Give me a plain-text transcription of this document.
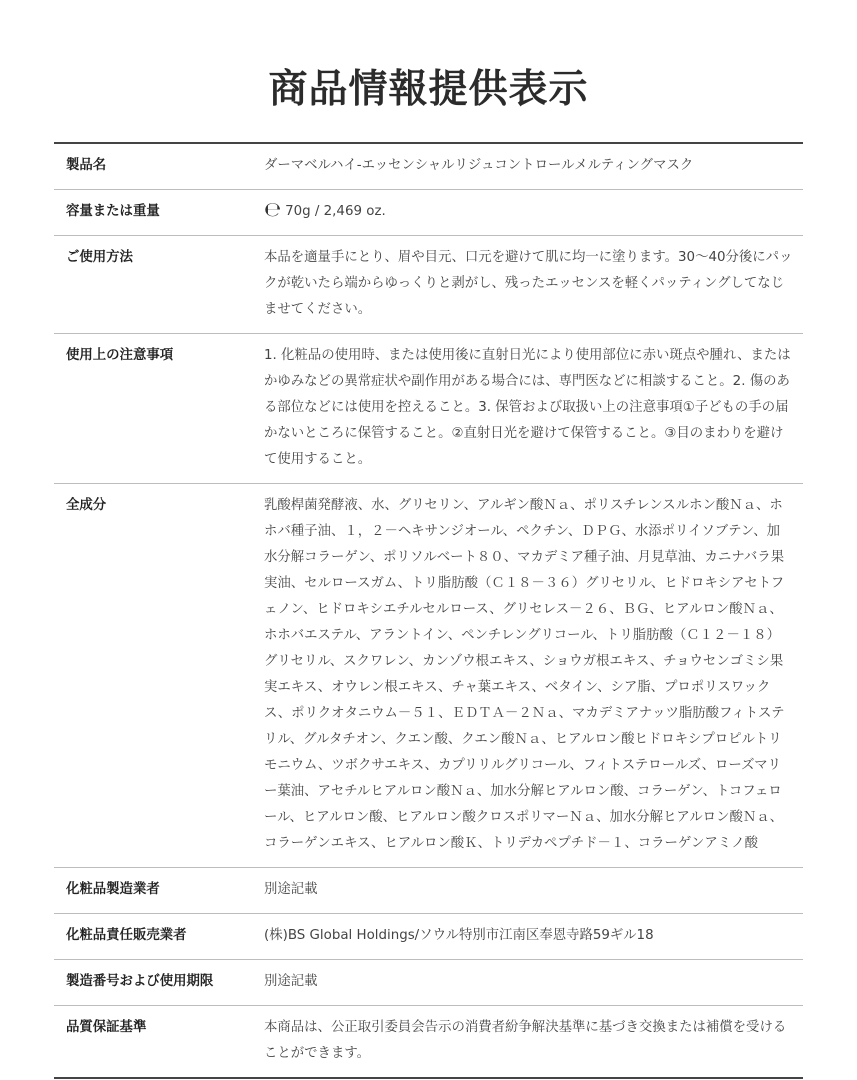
商品情報提供表示
製品名	ダーマベルハイ-エッセンシャルリジュコントロールメルティングマスク
容量または重量	℮ 70g / 2,469 oz.
ご使用方法	本品を適量手にとり、眉や目元、口元を避けて肌に均一に塗ります。30〜40分後にパックが乾いたら端からゆっくりと剥がし、残ったエッセンスを軽くパッティングしてなじませてください。
使用上の注意事項	1. 化粧品の使用時、または使用後に直射日光により使用部位に赤い斑点や腫れ、またはかゆみなどの異常症状や副作用がある場合には、専門医などに相談すること。2. 傷のある部位などには使用を控えること。3. 保管および取扱い上の注意事項①子どもの手の届かないところに保管すること。②直射日光を避けて保管すること。③目のまわりを避けて使用すること。
全成分	乳酸桿菌発酵液、水、グリセリン、アルギン酸Ｎａ、ポリスチレンスルホン酸Ｎａ、ホホバ種子油、１，２－ヘキサンジオール、ペクチン、ＤＰＧ、水添ポリイソブテン、加水分解コラーゲン、ポリソルベート８０、マカデミア種子油、月見草油、カニナバラ果実油、セルロースガム、トリ脂肪酸（Ｃ１８－３６）グリセリル、ヒドロキシアセトフェノン、ヒドロキシエチルセルロース、グリセレス－２６、ＢＧ、ヒアルロン酸Ｎａ、ホホバエステル、アラントイン、ペンチレングリコール、トリ脂肪酸（Ｃ１２－１８）グリセリル、スクワレン、カンゾウ根エキス、ショウガ根エキス、チョウセンゴミシ果実エキス、オウレン根エキス、チャ葉エキス、ベタイン、シア脂、プロポリスワックス、ポリクオタニウム－５１、ＥＤＴＡ－２Ｎａ、マカデミアナッツ脂肪酸フィトステリル、グルタチオン、クエン酸、クエン酸Ｎａ、ヒアルロン酸ヒドロキシプロピルトリモニウム、ツボクサエキス、カプリリルグリコール、フィトステロールズ、ローズマリー葉油、アセチルヒアルロン酸Ｎａ、加水分解ヒアルロン酸、コラーゲン、トコフェロール、ヒアルロン酸、ヒアルロン酸クロスポリマーＮａ、加水分解ヒアルロン酸Ｎａ、コラーゲンエキス、ヒアルロン酸Ｋ、トリデカペプチド－１、コラーゲンアミノ酸
化粧品製造業者	別途記載
化粧品責任販売業者	(株)BS Global Holdings/ソウル特別市江南区奉恩寺路59ギル18
製造番号および使用期限	別途記載
品質保証基準	本商品は、公正取引委員会告示の消費者紛争解決基準に基づき交換または補償を受けることができます。
